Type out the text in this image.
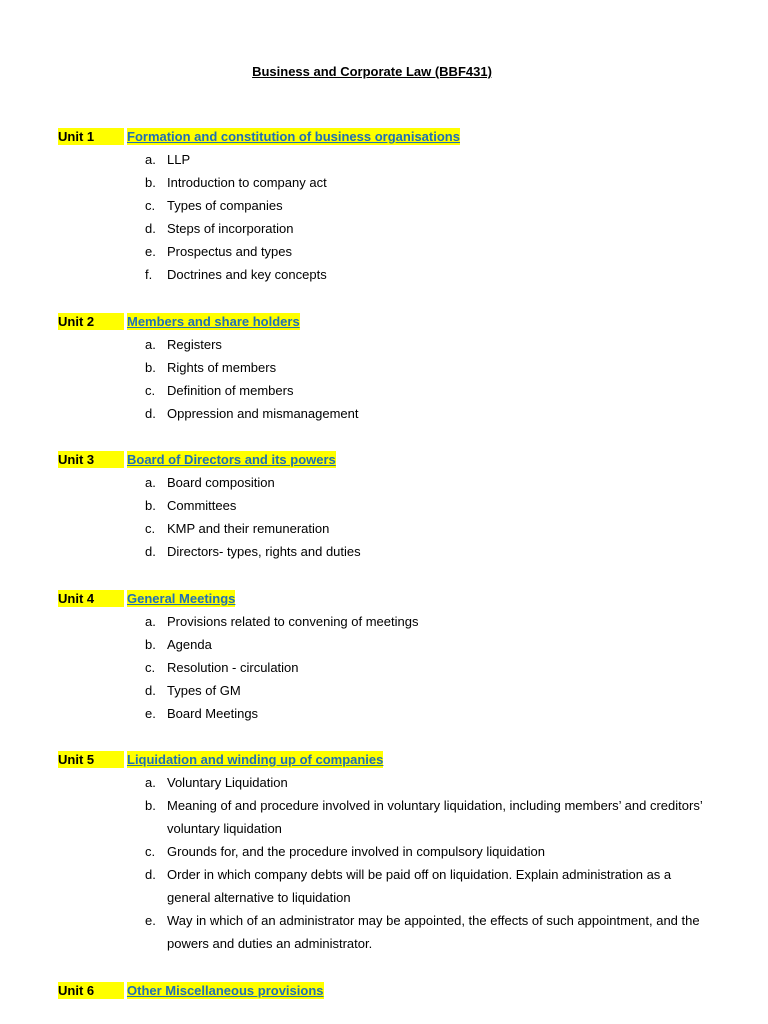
Business and Corporate Law (BBF431)
Unit 1	Formation and constitution of business organisations
a. LLP
b. Introduction to company act
c. Types of companies
d. Steps of incorporation
e. Prospectus and types
f. Doctrines and key concepts
Unit 2	Members and share holders
a. Registers
b. Rights of members
c. Definition of members
d. Oppression and mismanagement
Unit 3	Board of Directors and its powers
a. Board composition
b. Committees
c. KMP and their remuneration
d. Directors- types, rights and duties
Unit 4	General Meetings
a. Provisions related to convening of meetings
b. Agenda
c. Resolution - circulation
d. Types of GM
e. Board Meetings
Unit 5	Liquidation and winding up of companies
a. Voluntary Liquidation
b. Meaning of and procedure involved in voluntary liquidation, including members’ and creditors’ voluntary liquidation
c. Grounds for, and the procedure involved in compulsory liquidation
d. Order in which company debts will be paid off on liquidation. Explain administration as a general alternative to liquidation
e. Way in which of an administrator may be appointed, the effects of such appointment, and the powers and duties an administrator.
Unit 6	Other Miscellaneous provisions
